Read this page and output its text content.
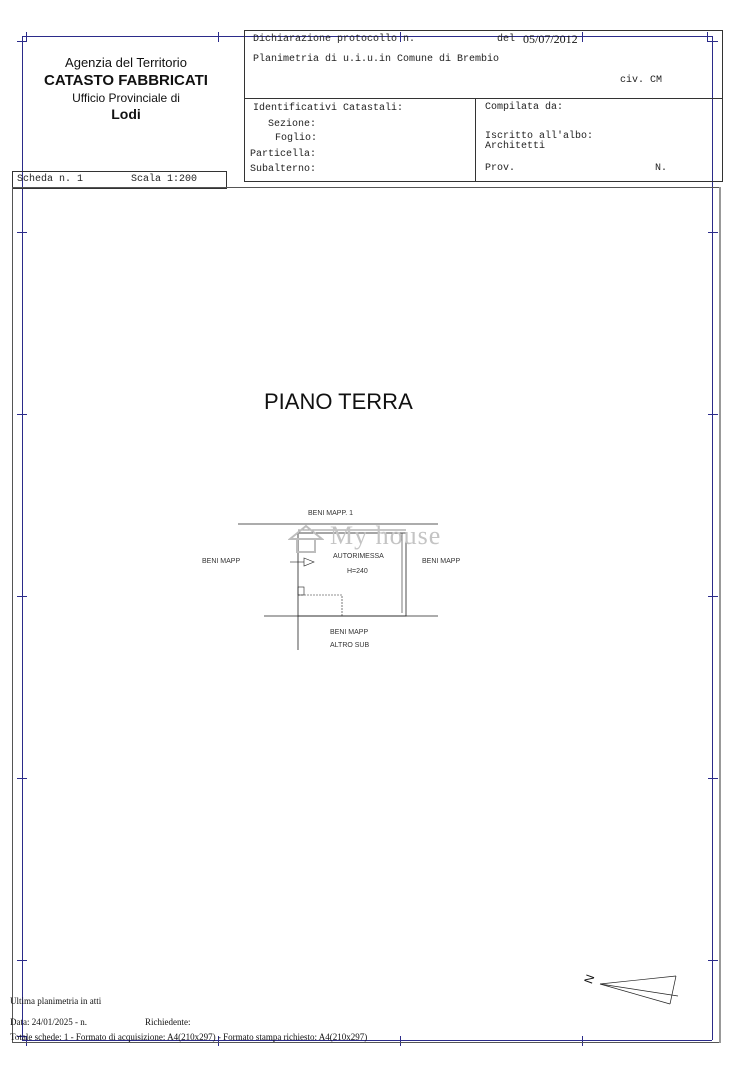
Agenzia del Territorio
CATASTO FABBRICATI
Ufficio Provinciale di
Lodi
Dichiarazione protocollo n.	del 05/07/2012
Planimetria di u.i.u.in Comune di Brembio
civ. CM
Identificativi Catastali:
Sezione:
Foglio:
Particella:
Subalterno:
Compilata da:
Iscritto all'albo:
Architetti
Prov.	N.
Scheda n. 1	Scala 1:200
PIANO TERRA
My house
BENI MAPP. 1
BENI MAPP	BENI MAPP
AUTORIMESSA
H=240
BENI MAPP
ALTRO SUB
N
Ultima planimetria in atti
Data: 24/01/2025 - n.	Richiedente:
Totale schede: 1 - Formato di acquisizione: A4(210x297) - Formato stampa richiesto: A4(210x297)
